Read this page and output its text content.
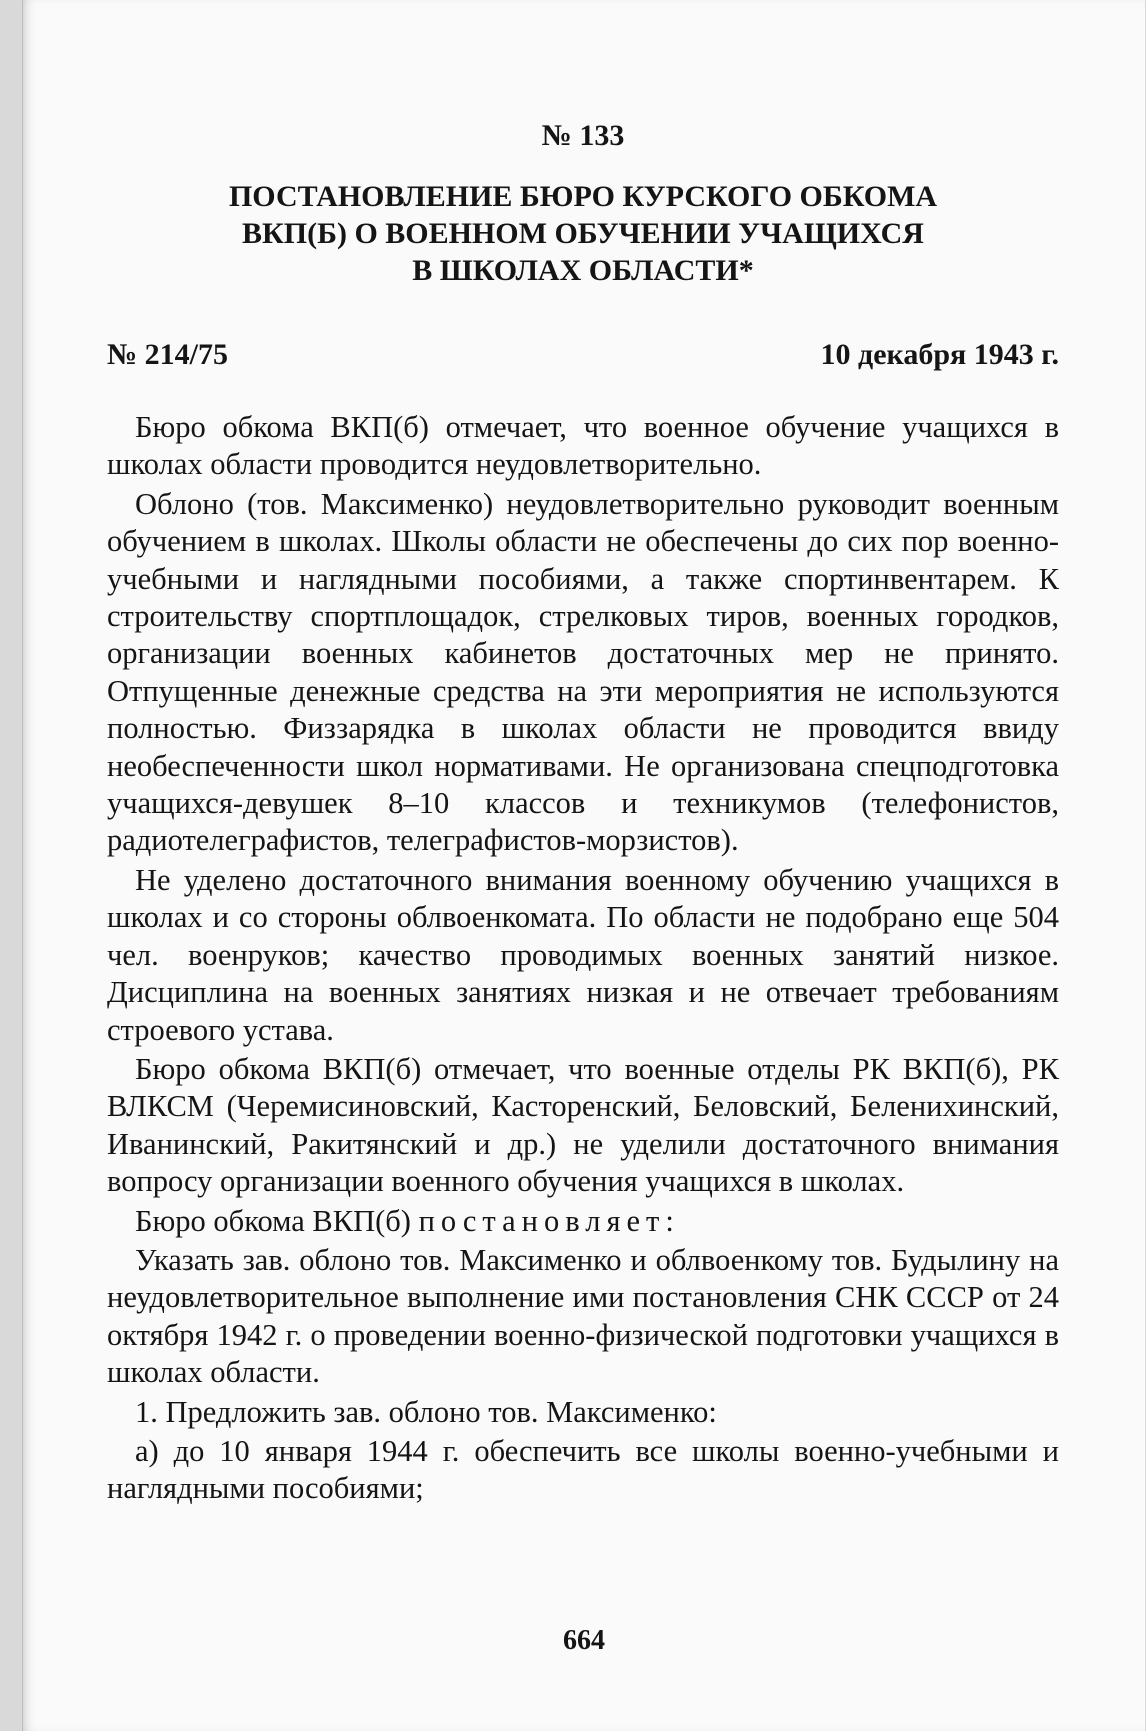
№ 133
ПОСТАНОВЛЕНИЕ БЮРО КУРСКОГО ОБКОМА
ВКП(Б) О ВОЕННОМ ОБУЧЕНИИ УЧАЩИХСЯ
В ШКОЛАХ ОБЛАСТИ*
№ 214/75	10 декабря 1943 г.

Бюро обкома ВКП(б) отмечает, что военное обучение учащихся в школах области проводится неудовлетворительно.

Облоно (тов. Максименко) неудовлетворительно руководит военным обучением в школах. Школы области не обеспечены до сих пор военно-учебными и наглядными пособиями, а также спортинвентарем. К строительству спортплощадок, стрелковых тиров, военных городков, организации военных кабинетов достаточных мер не принято. Отпущенные денежные средства на эти мероприятия не используются полностью. Физзарядка в школах области не проводится ввиду необеспеченности школ нормативами. Не организована спецподготовка учащихся-девушек 8–10 классов и техникумов (телефонистов, радиотелеграфистов, телеграфистов-морзистов).

Не уделено достаточного внимания военному обучению учащихся в школах и со стороны облвоенкомата. По области не подобрано еще 504 чел. военруков; качество проводимых военных занятий низкое. Дисциплина на военных занятиях низкая и не отвечает требованиям строевого устава.

Бюро обкома ВКП(б) отмечает, что военные отделы РК ВКП(б), РК ВЛКСМ (Черемисиновский, Касторенский, Беловский, Беленихинский, Иванинский, Ракитянский и др.) не уделили достаточного внимания вопросу организации военного обучения учащихся в школах.

Бюро обкома ВКП(б) постановляет:

Указать зав. облоно тов. Максименко и облвоенкому тов. Будылину на неудовлетворительное выполнение ими постановления СНК СССР от 24 октября 1942 г. о проведении военно-физической подготовки учащихся в школах области.

1. Предложить зав. облоно тов. Максименко:

а) до 10 января 1944 г. обеспечить все школы военно-учебными и наглядными пособиями;

664
